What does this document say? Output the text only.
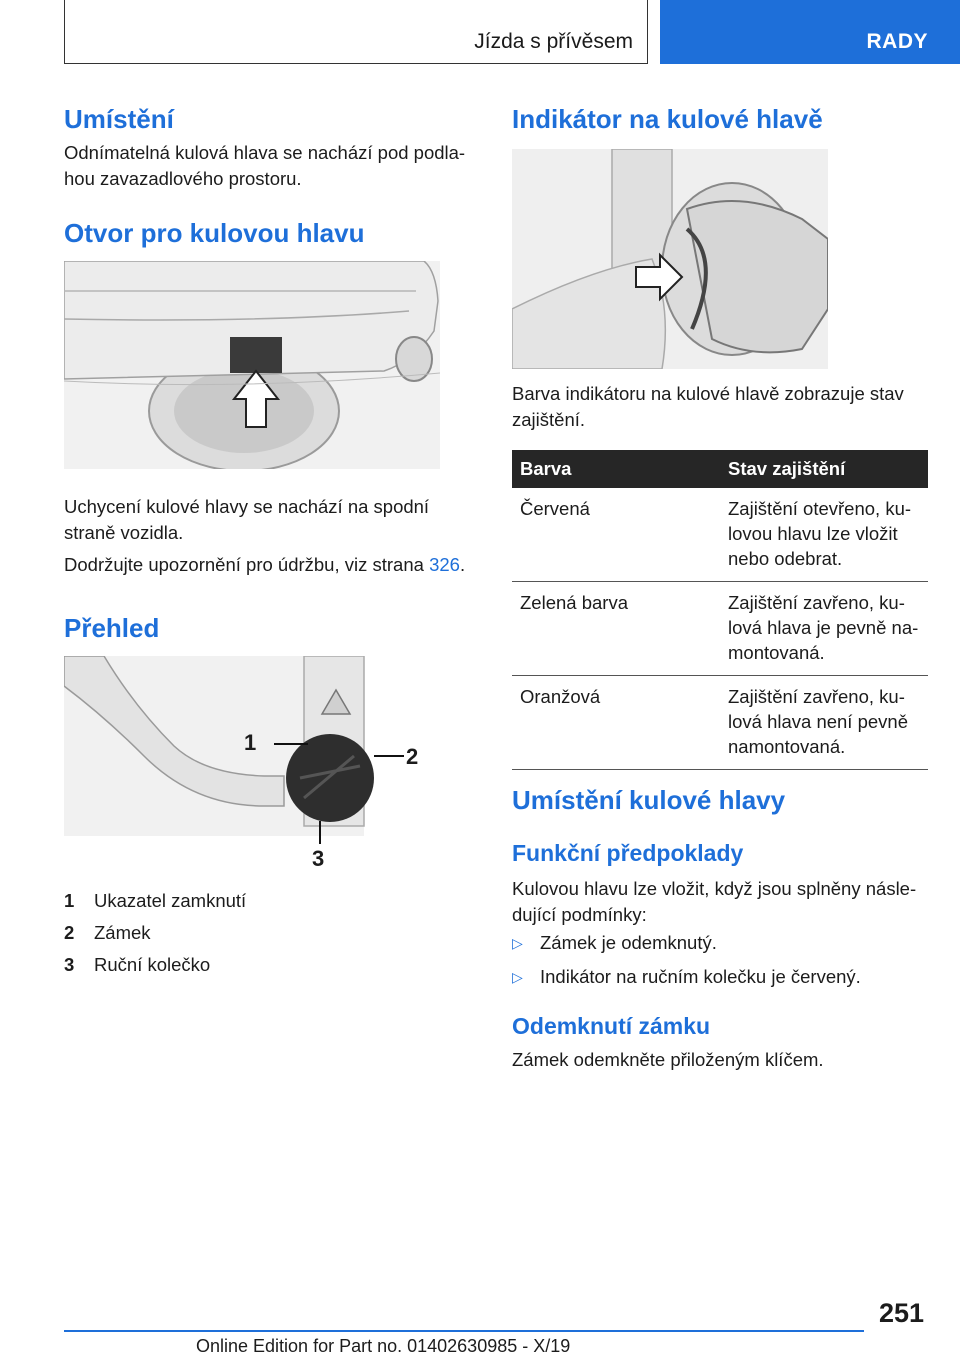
Jízda s přívěsem	RADY
Umístění

Odnímatelná kulová hlava se nachází pod podla-

hou zavazadlového prostoru.

Otvor pro kulovou hlavu

Uchycení kulové hlavy se nachází na spodní

straně vozidla.

Dodržujte upozornění pro údržbu, viz strana 326.

Přehled
1
2
3
1 Ukazatel zamknutí
2 Zámek
3 Ruční kolečko
Indikátor na kulové hlavě

Barva indikátoru na kulové hlavě zobrazuje stav

zajištění.

Barva	Stav zajištění
Červená	Zajištění otevřeno, ku-
lovou hlavu lze vložit
nebo odebrat.

Zelená barva	Zajištění zavřeno, ku-
lová hlava je pevně na-
montovaná.

Oranžová	Zajištění zavřeno, ku-
lová hlava není pevně
namontovaná.
Umístění kulové hlavy
Funkční předpoklady

Kulovou hlavu lze vložit, když jsou splněny násle-

dující podmínky:

▷ Zámek je odemknutý.

▷ Indikátor na ručním kolečku je červený.

Odemknutí zámku

Zámek odemkněte přiloženým klíčem.

251
Online Edition for Part no. 01402630985 - X/19
